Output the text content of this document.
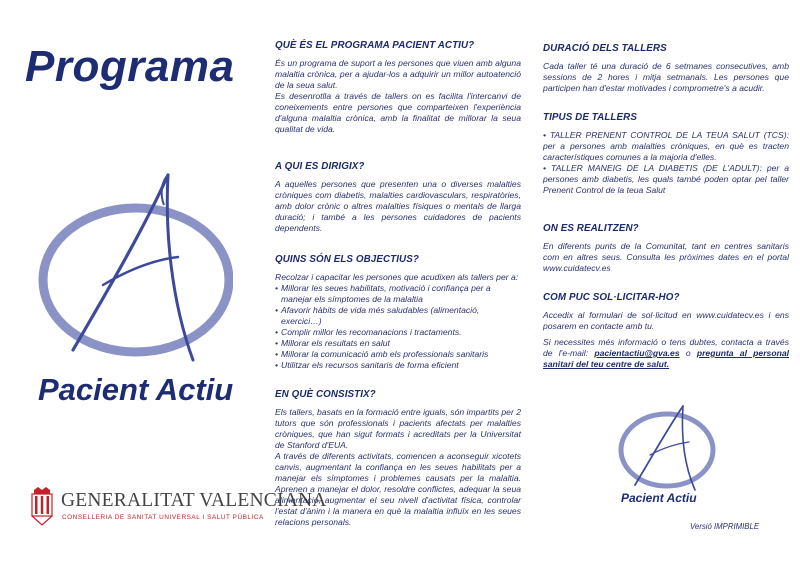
Programa
Pacient Actiu
GENERALITAT VALENCIANA
CONSELLERIA DE SANITAT UNIVERSAL I SALUT PÚBLICA
QUÈ ÉS EL PROGRAMA PACIENT ACTIU?

És un programa de suport a les persones que viuen amb alguna malaltia crònica, per a ajudar-los a adquirir un millor autoatenció de la seua salut.

Es desenrotlla a través de tallers on es facilita l'intercanvi de coneixements entre persones que comparteixen l'experiència d'alguna malaltia crònica, amb la finalitat de millorar la seua qualitat de vida.

A QUI ES DIRIGIX?

A aquelles persones que presenten una o diverses malalties cròniques com diabetis, malalties cardiovasculars, respiratòries, amb dolor crònic o altres malalties físiques o mentals de llarga duració; i també a les persones cuidadores de pacients dependents.

QUINS SÓN ELS OBJECTIUS?

Recolzar i capacitar les persones que acudixen als tallers per a:

• Millorar les seues habilitats, motivació i confiança per a manejar els símptomes de la malaltia
• Afavorir hàbits de vida més saludables (alimentació, exercici…)
• Complir millor les recomanacions i tractaments.
• Millorar els resultats en salut
• Millorar la comunicació amb els professionals sanitaris
• Utilitzar els recursos sanitaris de forma eficient
EN QUÈ CONSISTIX?

Els tallers, basats en la formació entre iguals, són impartits per 2 tutors que són professionals i pacients afectats per malalties cròniques, que han sigut formats i acreditats per la Universitat de Stanford d'EUA.

A través de diferents activitats, comencen a aconseguir xicotets canvis, augmentant la confiança en les seues habilitats per a manejar els símptomes i problemes causats per la malaltia. Aprenen a manejar el dolor, resoldre conflictes, adequar la seua alimentació, augmentar el seu nivell d'activitat física, controlar l'estat d'ànim i la manera en què la malaltia influïx en les seues relacions personals.

DURACIÓ DELS TALLERS

Cada taller té una duració de 6 setmanes consecutives, amb sessions de 2 hores i mitja setmanals. Les persones que participen han d'estar motivades i comprometre's a acudir.

TIPUS DE TALLERS

• TALLER PRENENT CONTROL DE LA TEUA SALUT (TCS): per a persones amb malalties cròniques, en què es tracten característiques comunes a la majoria d'elles.

• TALLER MANEIG DE LA DIABETIS (DE L'ADULT): per a persones amb diabetis, les quals també poden optar pel taller Prenent Control de la teua Salut

ON ES REALITZEN?

En diferents punts de la Comunitat, tant en centres sanitaris com en altres seus. Consulta les pròximes dates en el portal www.cuidatecv.es

COM PUC SOL·LICITAR-HO?

Accedix al formulari de sol·licitud en www.cuidatecv.es i ens posarem en contacte amb tu.

Si necessites més informació o tens dubtes, contacta a través de l'e-mail: pacientactiu@gva.es o pregunta al personal sanitari del teu centre de salut.

Pacient Actiu
Versió IMPRIMIBLE
